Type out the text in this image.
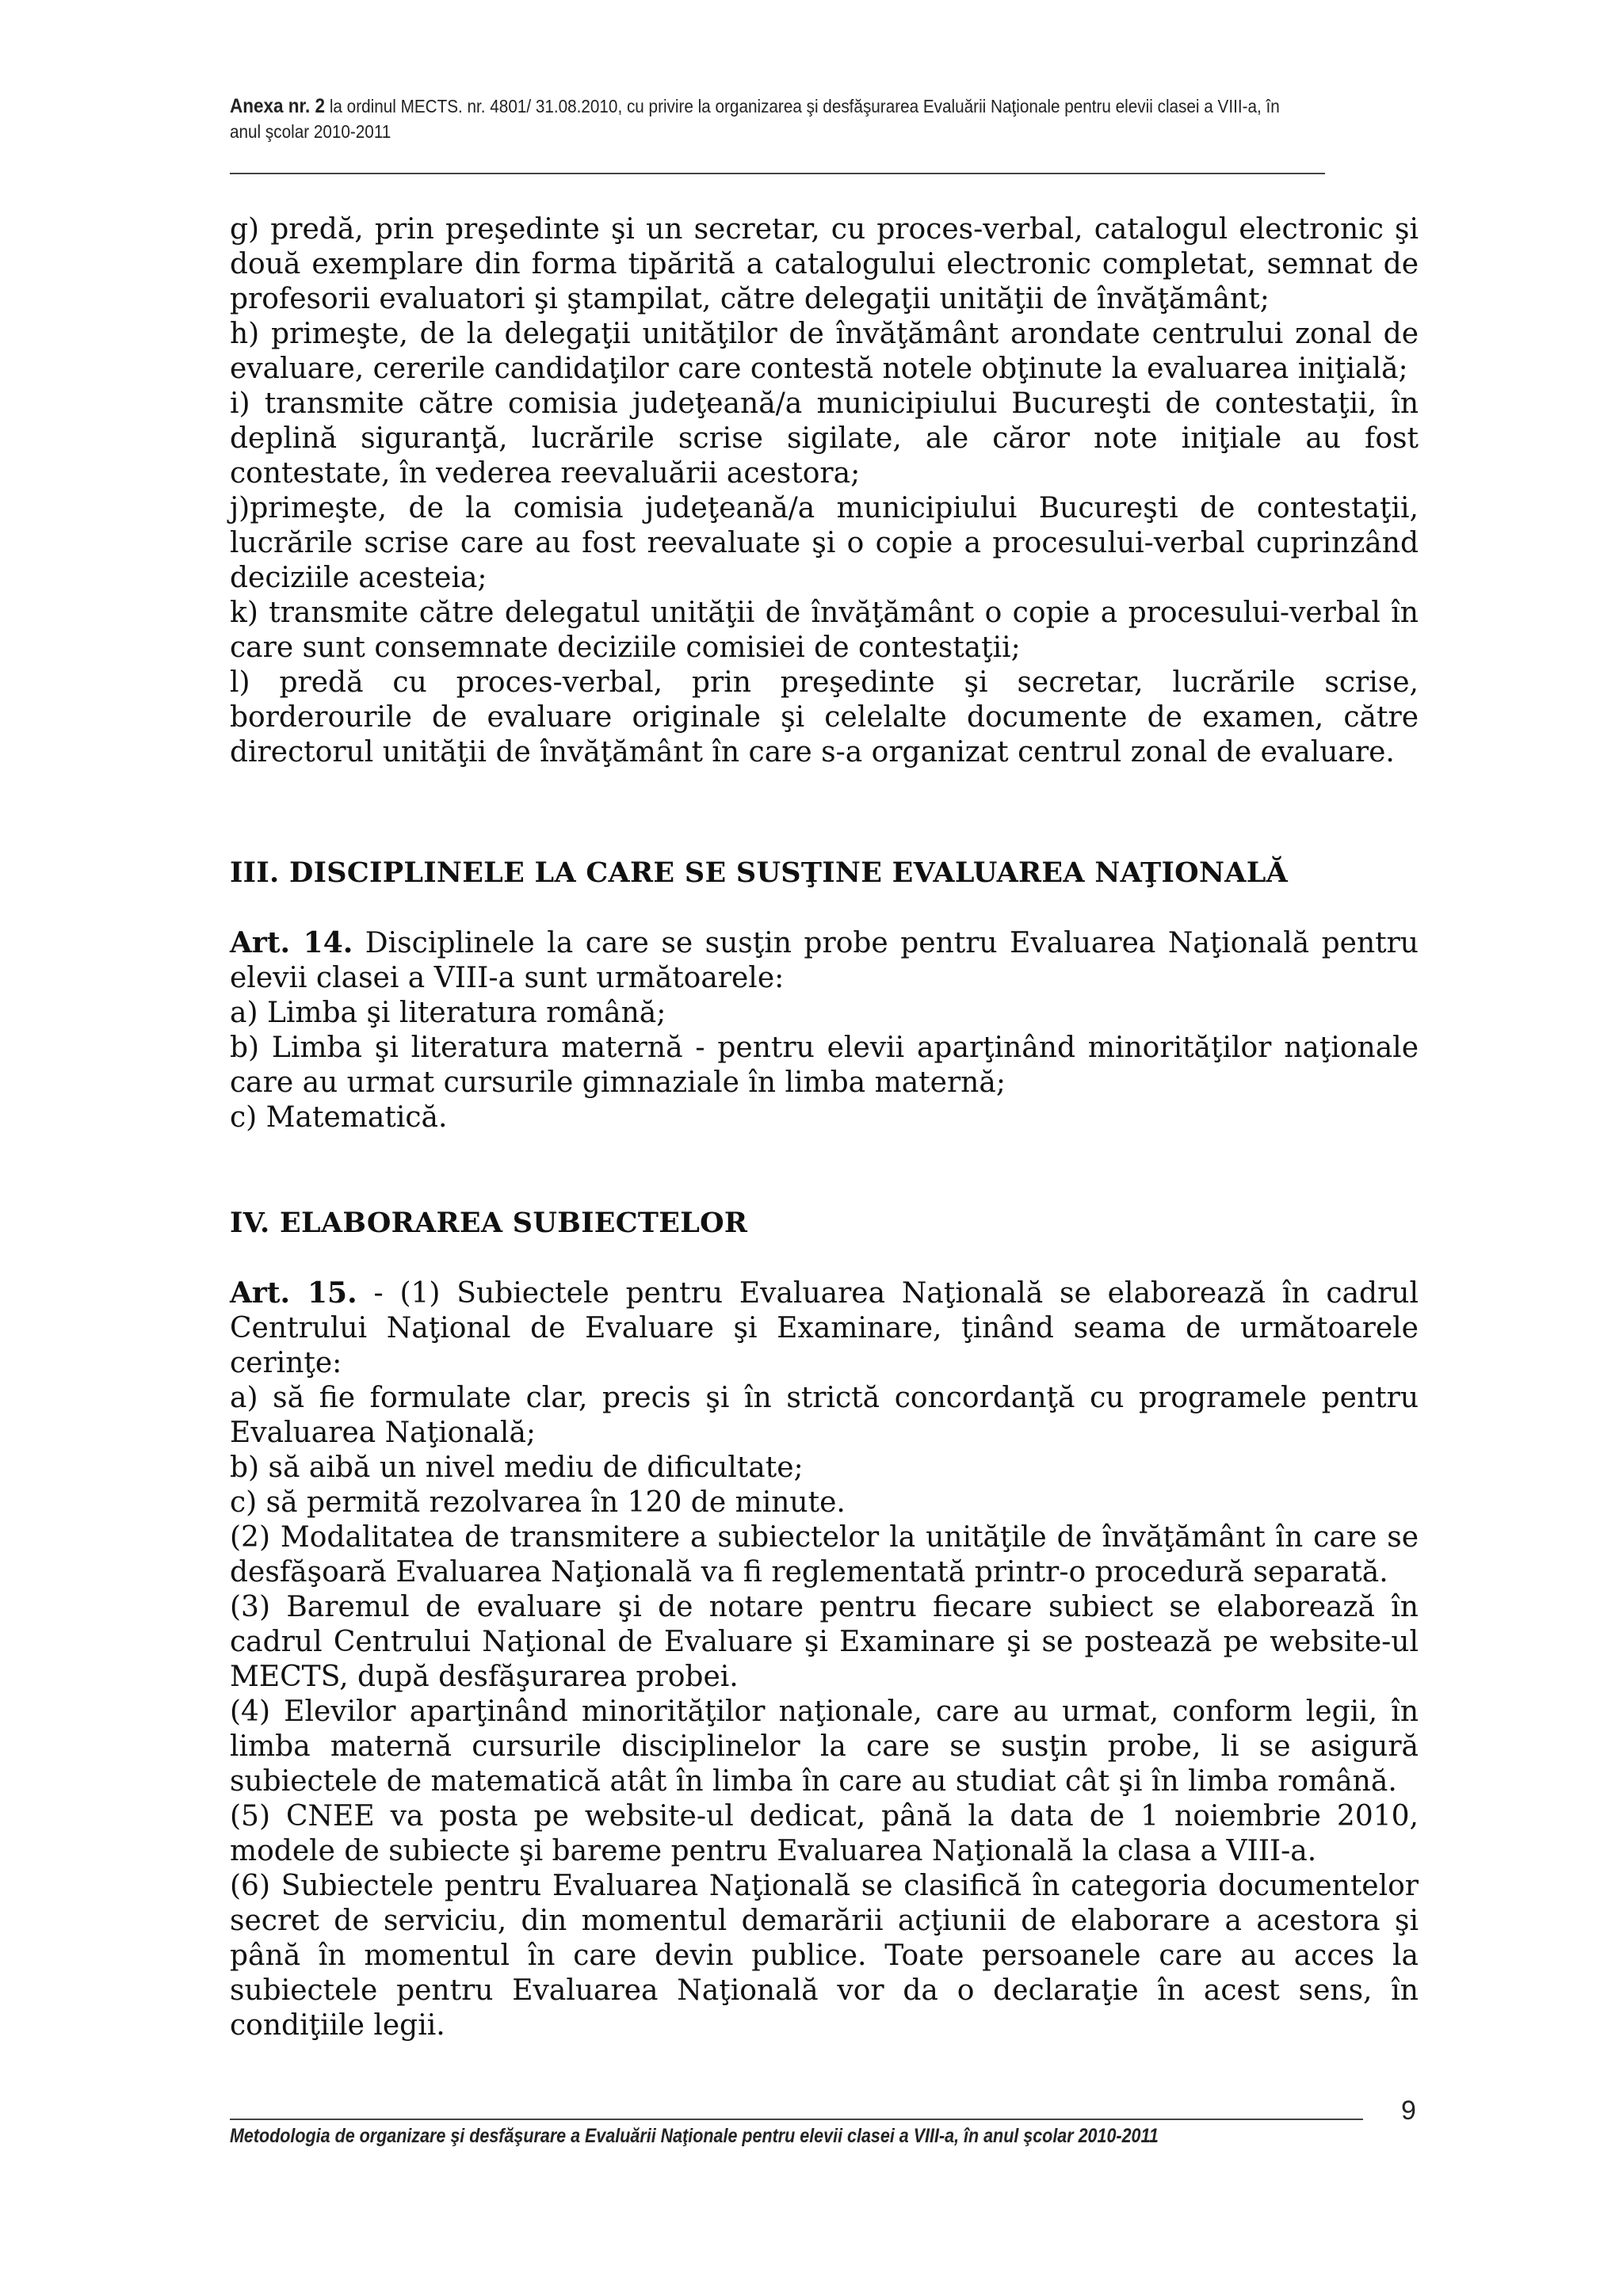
Anexa nr. 2 la ordinul MECTS. nr. 4801/ 31.08.2010, cu privire la organizarea şi desfăşurarea Evaluării Naţionale pentru elevii clasei a VIII-a, în
anul şcolar 2010-2011

g) predă, prin preşedinte şi un secretar, cu proces-verbal, catalogul electronic şi două exemplare din forma tipărită a catalogului electronic completat, semnat de profesorii evaluatori şi ştampilat, către delegaţii unităţii de învăţământ;

h) primeşte, de la delegaţii unităţilor de învăţământ arondate centrului zonal de evaluare, cererile candidaţilor care contestă notele obţinute la evaluarea iniţială;

i) transmite către comisia judeţeană/a municipiului Bucureşti de contestaţii, în deplină siguranţă, lucrările scrise sigilate, ale căror note iniţiale au fost contestate, în vederea reevaluării acestora;

j)primeşte, de la comisia judeţeană/a municipiului Bucureşti de contestaţii, lucrările scrise care au fost reevaluate şi o copie a procesului-verbal cuprinzând deciziile acesteia;

k) transmite către delegatul unităţii de învăţământ o copie a procesului-verbal în care sunt consemnate deciziile comisiei de contestaţii;

l) predă cu proces-verbal, prin preşedinte şi secretar, lucrările scrise, borderourile de evaluare originale şi celelalte documente de examen, către directorul unităţii de învăţământ în care s-a organizat centrul zonal de evaluare.

III. DISCIPLINELE LA CARE SE SUSŢINE EVALUAREA NAŢIONALĂ

Art. 14. Disciplinele la care se susţin probe pentru Evaluarea Naţională pentru elevii clasei a VIII-a sunt următoarele:

a) Limba şi literatura română;

b) Limba şi literatura maternă - pentru elevii aparţinând minorităţilor naţionale care au urmat cursurile gimnaziale în limba maternă;

c) Matematică.

IV. ELABORAREA SUBIECTELOR

Art. 15. - (1) Subiectele pentru Evaluarea Naţională se elaborează în cadrul Centrului Naţional de Evaluare şi Examinare, ţinând seama de următoarele cerinţe:

a) să fie formulate clar, precis şi în strictă concordanţă cu programele pentru Evaluarea Naţională;

b) să aibă un nivel mediu de dificultate;

c) să permită rezolvarea în 120 de minute.

(2) Modalitatea de transmitere a subiectelor la unităţile de învăţământ în care se desfăşoară Evaluarea Naţională va fi reglementată printr-o procedură separată.

(3) Baremul de evaluare şi de notare pentru fiecare subiect se elaborează în cadrul Centrului Naţional de Evaluare şi Examinare şi se postează pe website-ul MECTS, după desfăşurarea probei.

(4) Elevilor aparţinând minorităţilor naţionale, care au urmat, conform legii, în limba maternă cursurile disciplinelor la care se susţin probe, li se asigură subiectele de matematică atât în limba în care au studiat cât şi în limba română.

(5) CNEE va posta pe website-ul dedicat, până la data de 1 noiembrie 2010, modele de subiecte şi bareme pentru Evaluarea Naţională la clasa a VIII-a.

(6) Subiectele pentru Evaluarea Naţională se clasifică în categoria documentelor secret de serviciu, din momentul demarării acţiunii de elaborare a acestora şi până în momentul în care devin publice. Toate persoanele care au acces la subiectele pentru Evaluarea Naţională vor da o declaraţie în acest sens, în condiţiile legii.

Metodologia de organizare şi desfăşurare a Evaluării Naţionale pentru elevii clasei a VIII-a, în anul şcolar 2010-2011
9
